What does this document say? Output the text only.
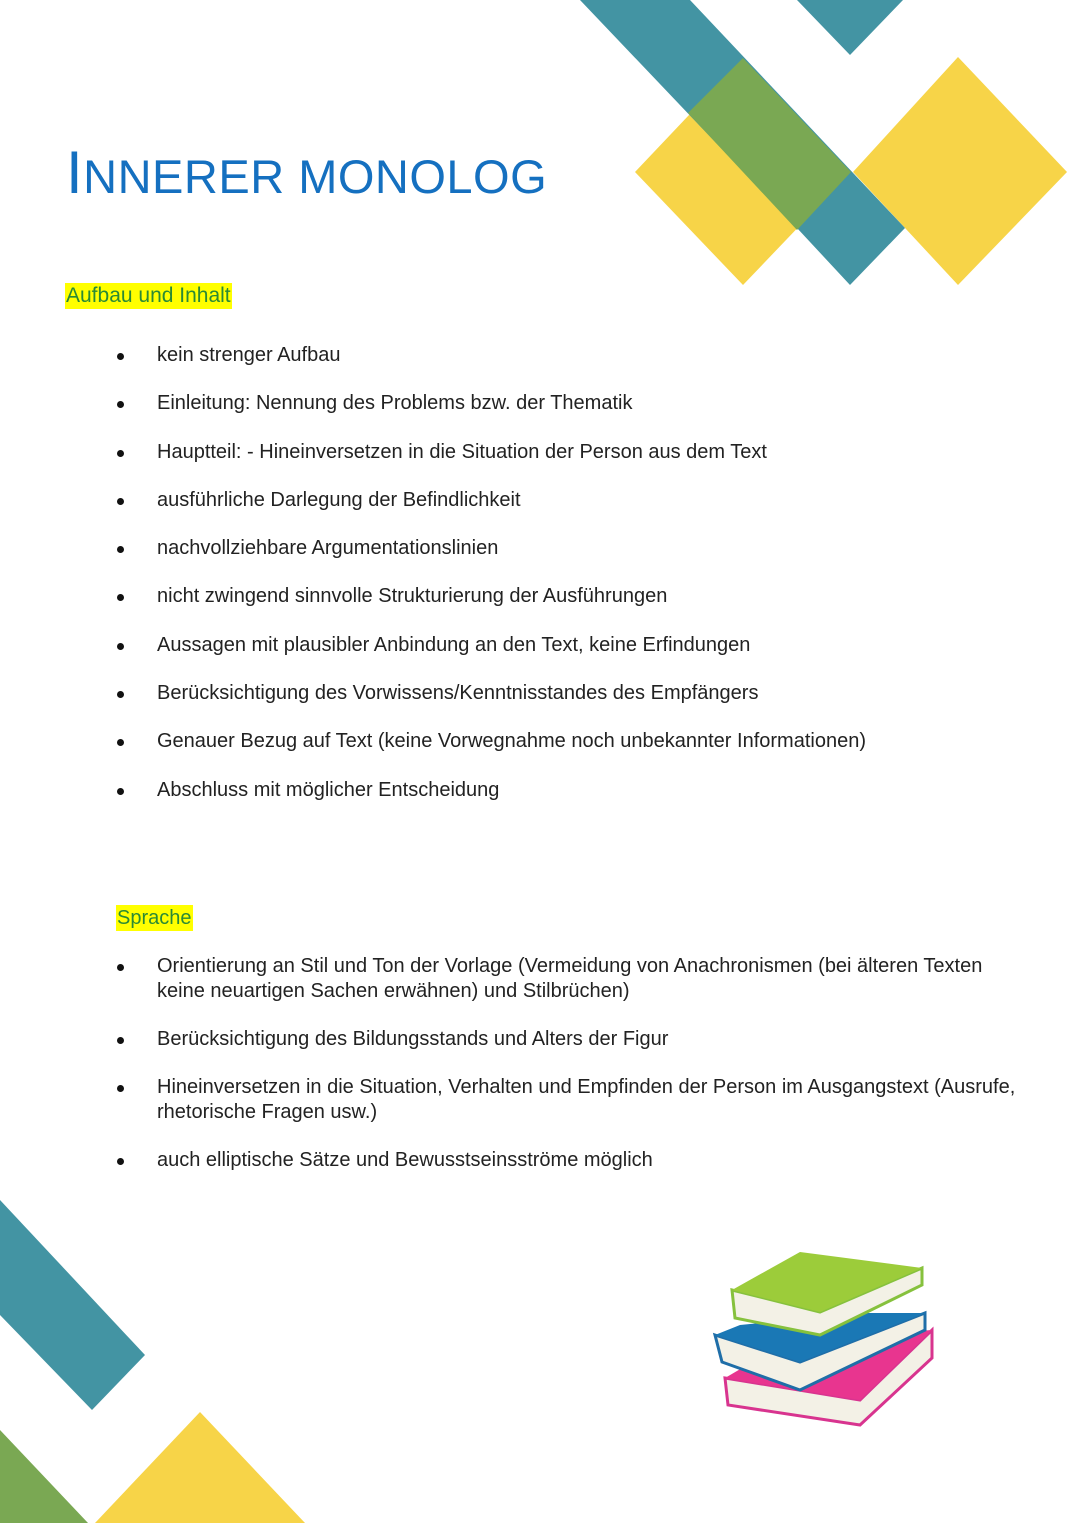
INNERER MONOLOG
Aufbau und Inhalt
kein strenger Aufbau
Einleitung: Nennung des Problems bzw. der Thematik
Hauptteil: - Hineinversetzen in die Situation der Person aus dem Text
ausführliche Darlegung der Befindlichkeit
nachvollziehbare Argumentationslinien
nicht zwingend sinnvolle Strukturierung der Ausführungen
Aussagen mit plausibler Anbindung an den Text, keine Erfindungen
Berücksichtigung des Vorwissens/Kenntnisstandes des Empfängers
Genauer Bezug auf Text (keine Vorwegnahme noch unbekannter Informationen)
Abschluss mit möglicher Entscheidung
Sprache
Orientierung an Stil und Ton der Vorlage (Vermeidung von Anachronismen (bei älteren Texten keine neuartigen Sachen erwähnen) und Stilbrüchen)
Berücksichtigung des Bildungsstands und Alters der Figur
Hineinversetzen in die Situation, Verhalten und Empfinden der Person im Ausgangstext (Ausrufe, rhetorische Fragen usw.)
auch elliptische Sätze und Bewusstseinsströme möglich
